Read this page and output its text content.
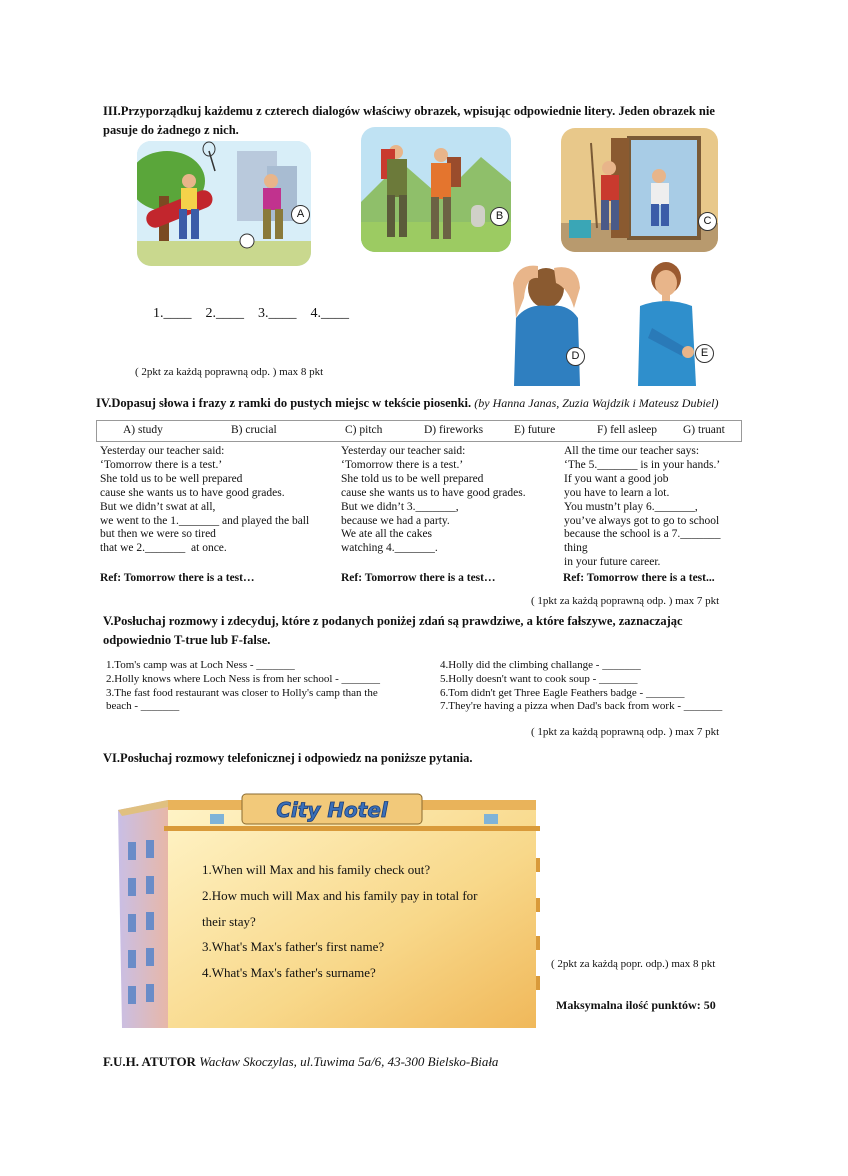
III.Przyporządkuj każdemu z czterech dialogów właściwy obrazek, wpisując odpowiednie litery. Jeden obrazek nie
pasuje do żadnego z nich.
A	B	C
D	E
1.____ 2.____ 3.____ 4.____
( 2pkt za każdą poprawną odp. ) max 8 pkt
IV.Dopasuj słowa i frazy z ramki do pustych miejsc w tekście piosenki. (by Hanna Janas, Zuzia Wajdzik i Mateusz Dubiel)
A) study	B) crucial	C) pitch	D) fireworks	E) future	F) fell asleep G) truant
Yesterday our teacher said:
‘Tomorrow there is a test.’
She told us to be well prepared
cause she wants us to have good grades.
But we didn’t swat at all,
we went to the 1._______ and played the ball
but then we were so tired
that we 2._______  at once.
Yesterday our teacher said:
‘Tomorrow there is a test.’
She told us to be well prepared
cause she wants us to have good grades.
But we didn’t 3._______,
because we had a party.
We ate all the cakes
watching 4._______.
All the time our teacher says:
‘The 5._______ is in your hands.’
If you want a good job
you have to learn a lot.
You mustn’t play 6._______,
you’ve always got to go to school
because the school is a 7._______
thing
in your future career.
Ref: Tomorrow there is a test…	Ref: Tomorrow there is a test…	Ref: Tomorrow there is a test...
( 1pkt za każdą poprawną odp. ) max 7 pkt
V.Posłuchaj rozmowy i zdecyduj, które z podanych poniżej zdań są prawdziwe, a które fałszywe, zaznaczając
odpowiednio T-true lub F-false.
1.Tom's camp was at Loch Ness - _______
2.Holly knows where Loch Ness is from her school - _______
3.The fast food restaurant was closer to Holly's camp than the
beach - _______
4.Holly did the climbing challange - _______
5.Holly doesn't want to cook soup - _______
6.Tom didn't get Three Eagle Feathers badge - _______
7.They're having a pizza when Dad's back from work - _______
( 1pkt za każdą poprawną odp. ) max 7 pkt
VI.Posłuchaj rozmowy telefonicznej i odpowiedz na poniższe pytania.
City Hotel
1.When will Max and his family check out?
2.How much will Max and his family pay in total for
their stay?
3.What's Max's father's first name?
4.What's Max's father's surname?
( 2pkt za każdą popr. odp.) max 8 pkt
Maksymalna ilość punktów: 50
F.U.H. ATUTOR Wacław Skoczylas, ul.Tuwima 5a/6, 43-300 Bielsko-Biała
